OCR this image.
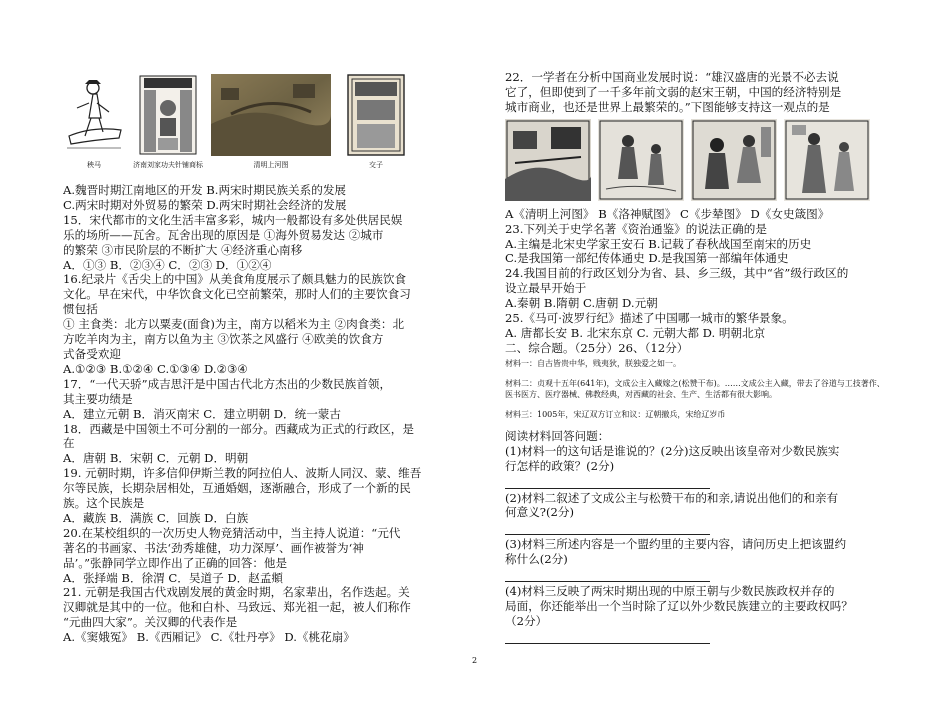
秧马	济南刘家功夫针铺商标	清明上河图	交子
A.魏晋时期江南地区的开发 B.两宋时期民族关系的发展
C.两宋时期对外贸易的繁荣 D.两宋时期社会经济的发展
15．宋代都市的文化生活丰富多彩，城内一般都设有多处供居民娱
乐的场所——瓦舍。瓦舍出现的原因是 ①海外贸易发达 ②城市
的繁荣 ③市民阶层的不断扩大 ④经济重心南移
A．①③ B．②③④ C．②③ D．①②④
16.纪录片《舌尖上的中国》从美食角度展示了颇具魅力的民族饮食
文化。早在宋代，中华饮食文化已空前繁荣，那时人们的主要饮食习
惯包括
① 主食类：北方以粟麦(面食)为主，南方以稻米为主 ②肉食类：北
方吃羊肉为主，南方以鱼为主 ③饮茶之风盛行 ④欧美的饮食方
式备受欢迎
A.①②③ B.①②④ C.①③④ D.②③④
17．“一代天骄”成吉思汗是中国古代北方杰出的少数民族首领，
其主要功绩是
A．建立元朝 B．消灭南宋 C．建立明朝 D．统一蒙古
18．西藏是中国领土不可分割的一部分。西藏成为正式的行政区，是
在
A．唐朝 B．宋朝 C．元朝 D．明朝
19. 元朝时期，许多信仰伊斯兰教的阿拉伯人、波斯人同汉、蒙、维吾
尔等民族，长期杂居相处，互通婚姻，逐渐融合，形成了一个新的民
族。这个民族是
A．藏族 B．满族 C．回族 D．白族
20.在某校组织的一次历史人物竞猜活动中，当主持人说道：“元代
著名的书画家、书法‘劲秀雄健，功力深厚’、画作被誉为‘神
品’。”张静同学立即作出了正确的回答：他是
A．张择端 B．徐渭 C．吴道子 D．赵孟頫
21. 元朝是我国古代戏剧发展的黄金时期，名家辈出，名作迭起。关
汉卿就是其中的一位。他和白朴、马致远、郑光祖一起，被人们称作
“元曲四大家”。关汉卿的代表作是
A.《窦娥冤》 B.《西厢记》 C.《牡丹亭》 D.《桃花扇》
22．一学者在分析中国商业发展时说：“雄汉盛唐的光景不必去说
它了，但即使到了一千多年前文弱的赵宋王朝，中国的经济特别是
城市商业，也还是世界上最繁荣的。”下图能够支持这一观点的是
A《清明上河图》 B《洛神赋图》 C《步辇图》 D《女史箴图》
23.下列关于史学名著《资治通鉴》的说法正确的是
A.主编是北宋史学家王安石 B.记载了春秋战国至南宋的历史
C.是我国第一部纪传体通史 D.是我国第一部编年体通史
24.我国目前的行政区划分为省、县、乡三级，其中“省”级行政区的
设立最早开始于
A.秦朝 B.隋朝 C.唐朝 D.元朝
25.《马可·波罗行纪》描述了中国哪一城市的繁华景象。
A. 唐都长安 B. 北宋东京 C. 元朝大都 D. 明朝北京
二、综合题。（25分）26、（12分）
材料一：自古皆贵中华，贱夷狄，朕独爱之如一。
材料二：贞观十五年(641年)，文成公主入藏嫁之(松赞干布)。……文成公主入藏，带去了谷道与工技著作、医书医方、医疗器械、佛教经典，对西藏的社会、生产、生活都有很大影响。
材料三：1005年，宋辽双方订立和议：辽朝撤兵，宋给辽岁币
阅读材料回答问题：
(1)材料一的这句话是谁说的？(2分)这反映出该皇帝对少数民族实
行怎样的政策？(2分)
(2)材料二叙述了文成公主与松赞干布的和亲,请说出他们的和亲有
何意义?(2分)
(3)材料三所述内容是一个盟约里的主要内容，请问历史上把该盟约
称什么(2分)
(4)材料三反映了两宋时期出现的中原王朝与少数民族政权并存的
局面，你还能举出一个当时除了辽以外少数民族建立的主要政权吗？
（2分）
2
